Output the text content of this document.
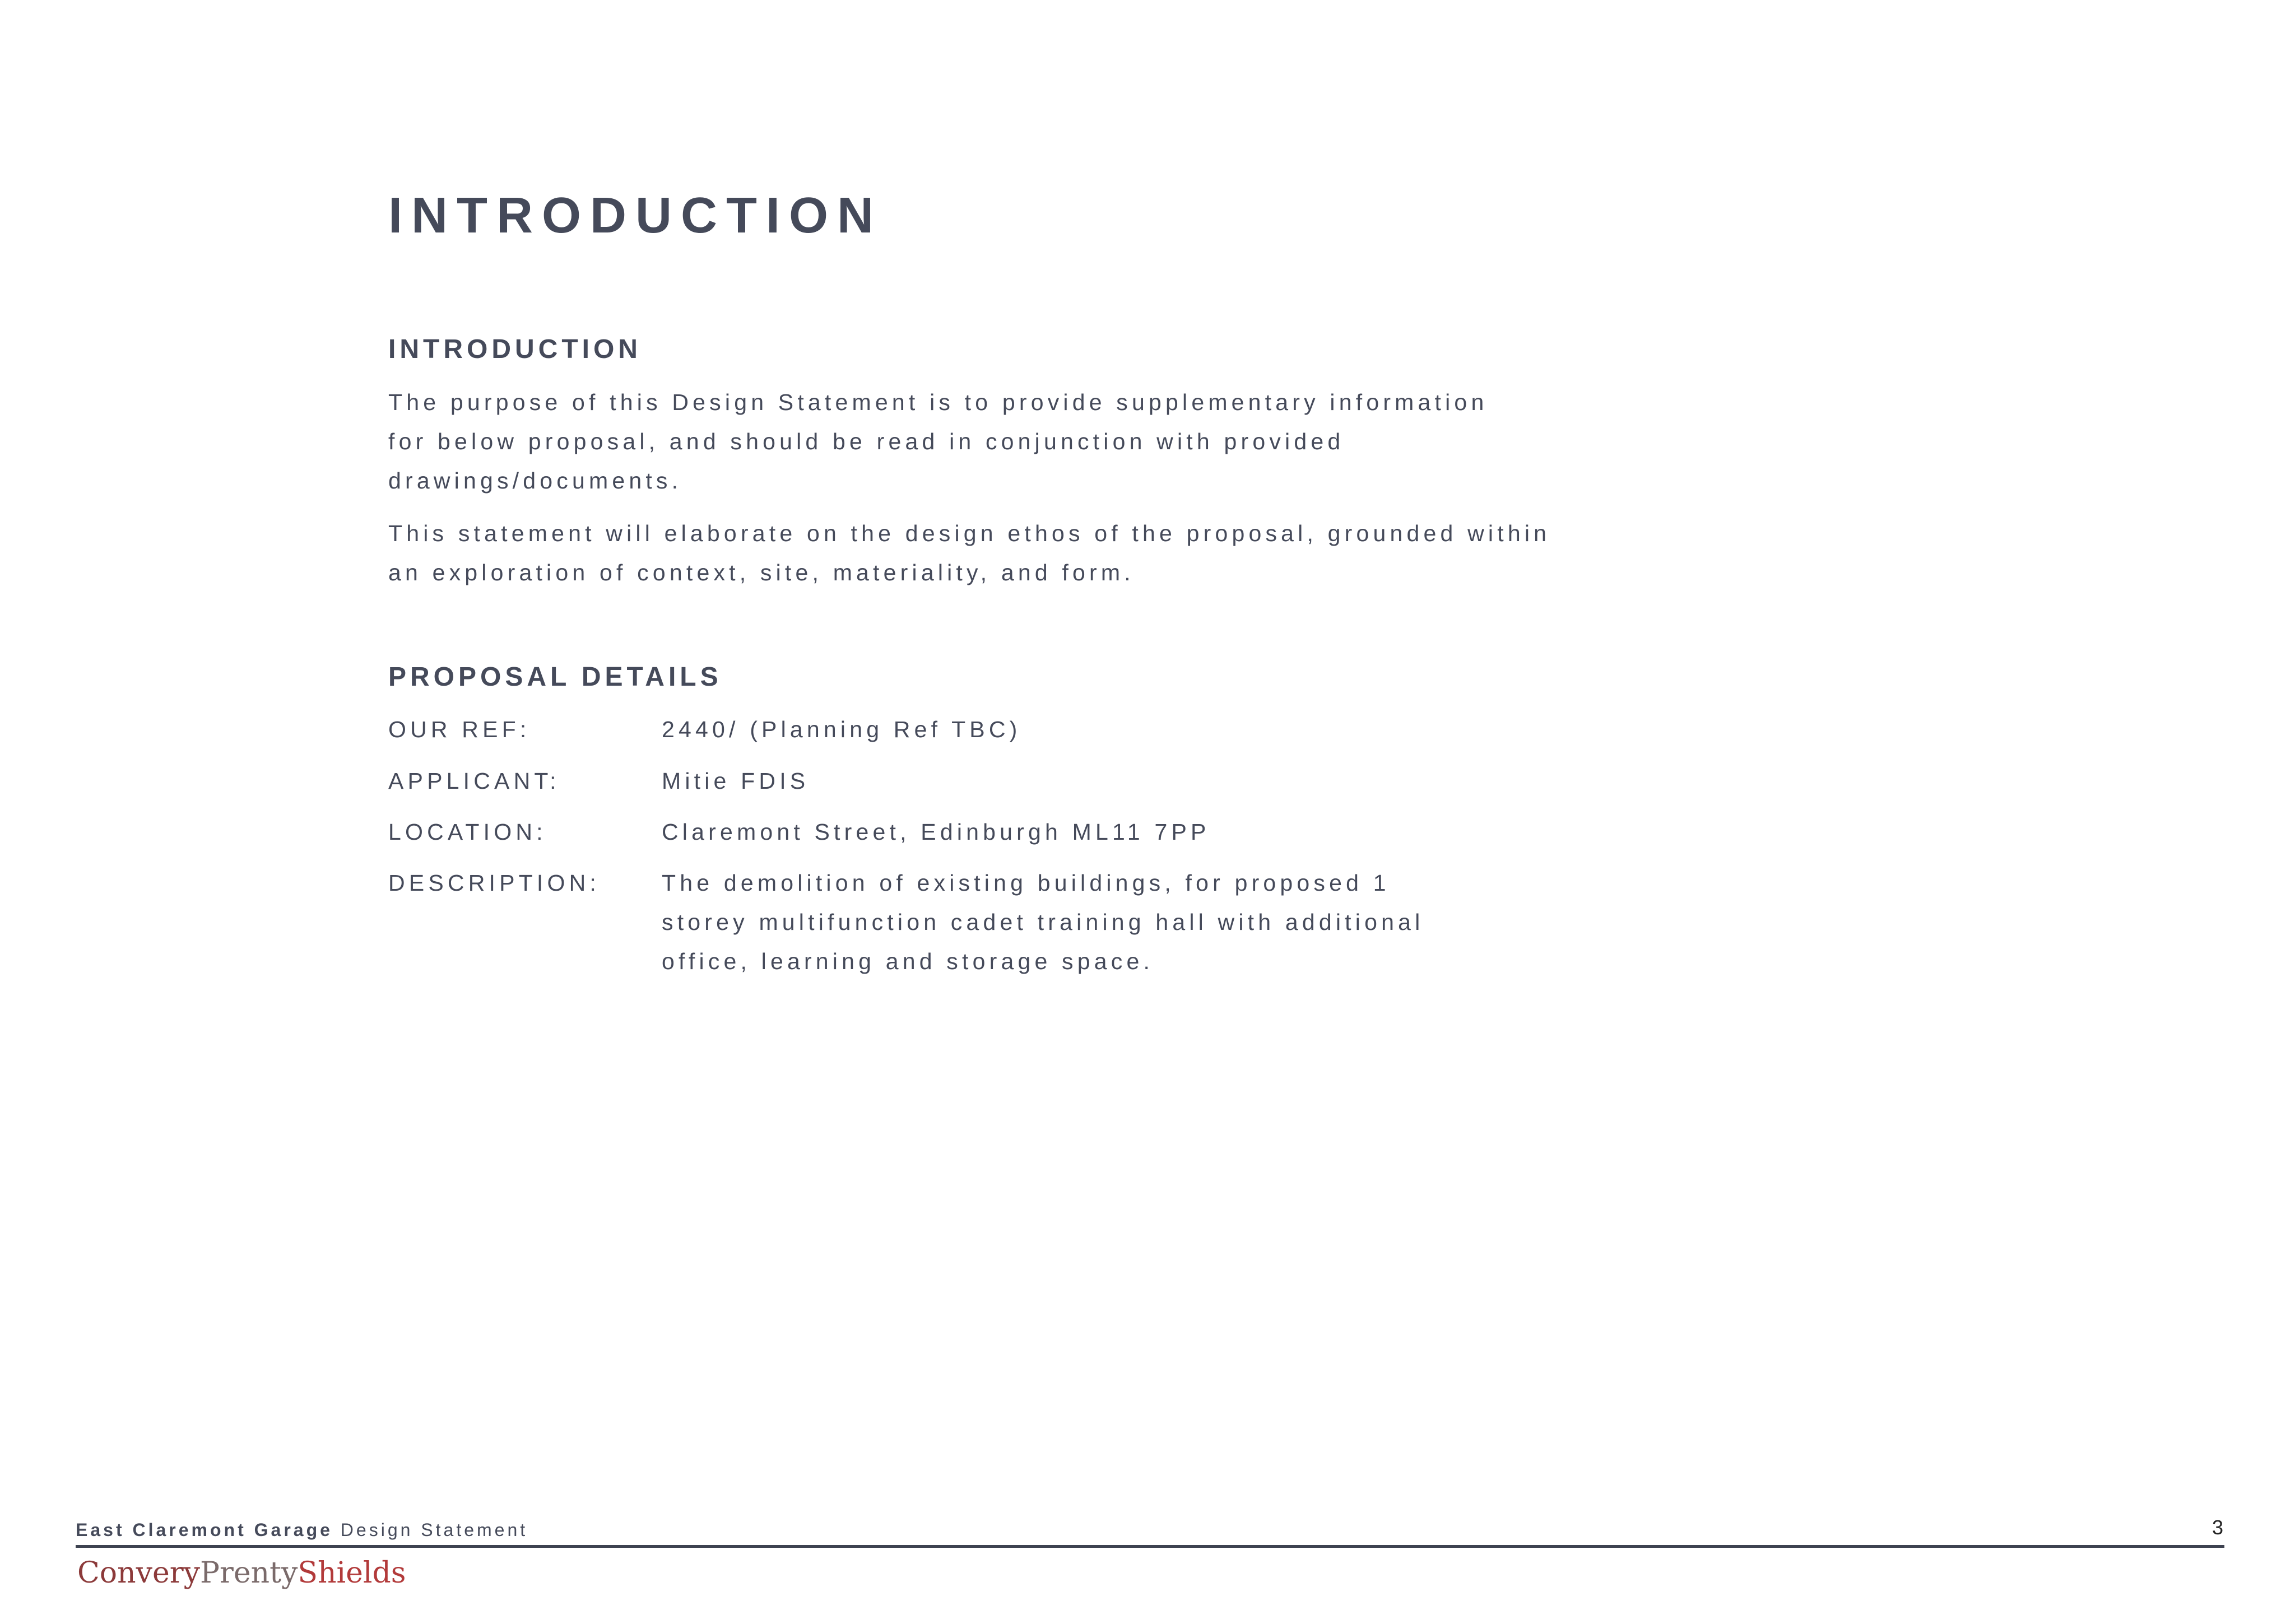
INTRODUCTION
INTRODUCTION

The purpose of this Design Statement is to provide supplementary information for below proposal, and should be read in conjunction with provided drawings/documents.

This statement will elaborate on the design ethos of the proposal, grounded within an exploration of context, site, materiality, and form.

PROPOSAL DETAILS
OUR REF:	2440/ (Planning Ref TBC)
APPLICANT:	Mitie FDIS
LOCATION:	Claremont Street, Edinburgh ML11 7PP
DESCRIPTION:	The demolition of existing buildings, for proposed 1 storey multifunction cadet training hall with additional office, learning and storage space.
East Claremont Garage Design Statement	3
ConveryPrentyShields
